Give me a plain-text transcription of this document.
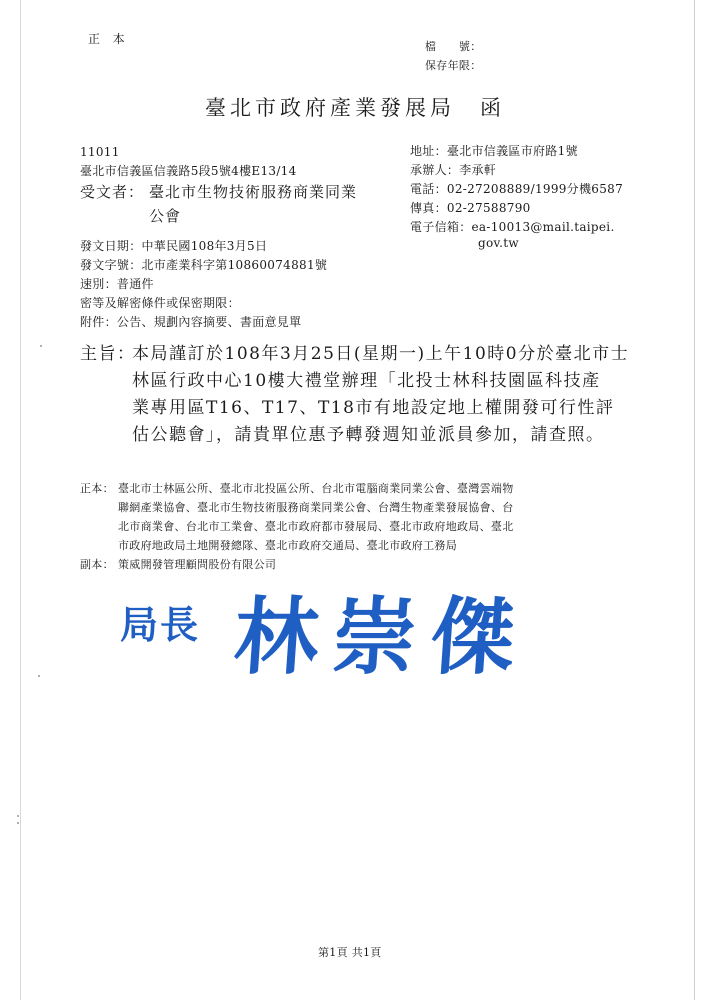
正　本
檔　　號：
保存年限：
臺北市政府產業發展局　函
11011
臺北市信義區信義路5段5號4樓E13/14
受文者： 臺北市生物技術服務商業同業
公會
地址：臺北市信義區市府路1號
承辦人：李承軒
電話：02-27208889/1999分機6587
傳真：02-27588790
電子信箱：ea-10013@mail.taipei.
gov.tw
發文日期：中華民國108年3月5日
發文字號：北市產業科字第10860074881號
速別：普通件
密等及解密條件或保密期限：
附件：公告、規劃內容摘要、書面意見單
主旨：
本局謹訂於108年3月25日(星期一)上午10時0分於臺北市士
林區行政中心10樓大禮堂辦理「北投士林科技園區科技產
業專用區T16、T17、T18市有地設定地上權開發可行性評
估公聽會」，請貴單位惠予轉發週知並派員參加，請查照。
正本： 臺北市士林區公所、臺北市北投區公所、台北市電腦商業同業公會、臺灣雲端物
聯網產業協會、臺北市生物技術服務商業同業公會、台灣生物產業發展協會、台
北市商業會、台北市工業會、臺北市政府都市發展局、臺北市政府地政局、臺北
市政府地政局土地開發總隊、臺北市政府交通局、臺北市政府工務局
副本： 策威開發管理顧問股份有限公司
局長 林崇傑
第1頁 共1頁
